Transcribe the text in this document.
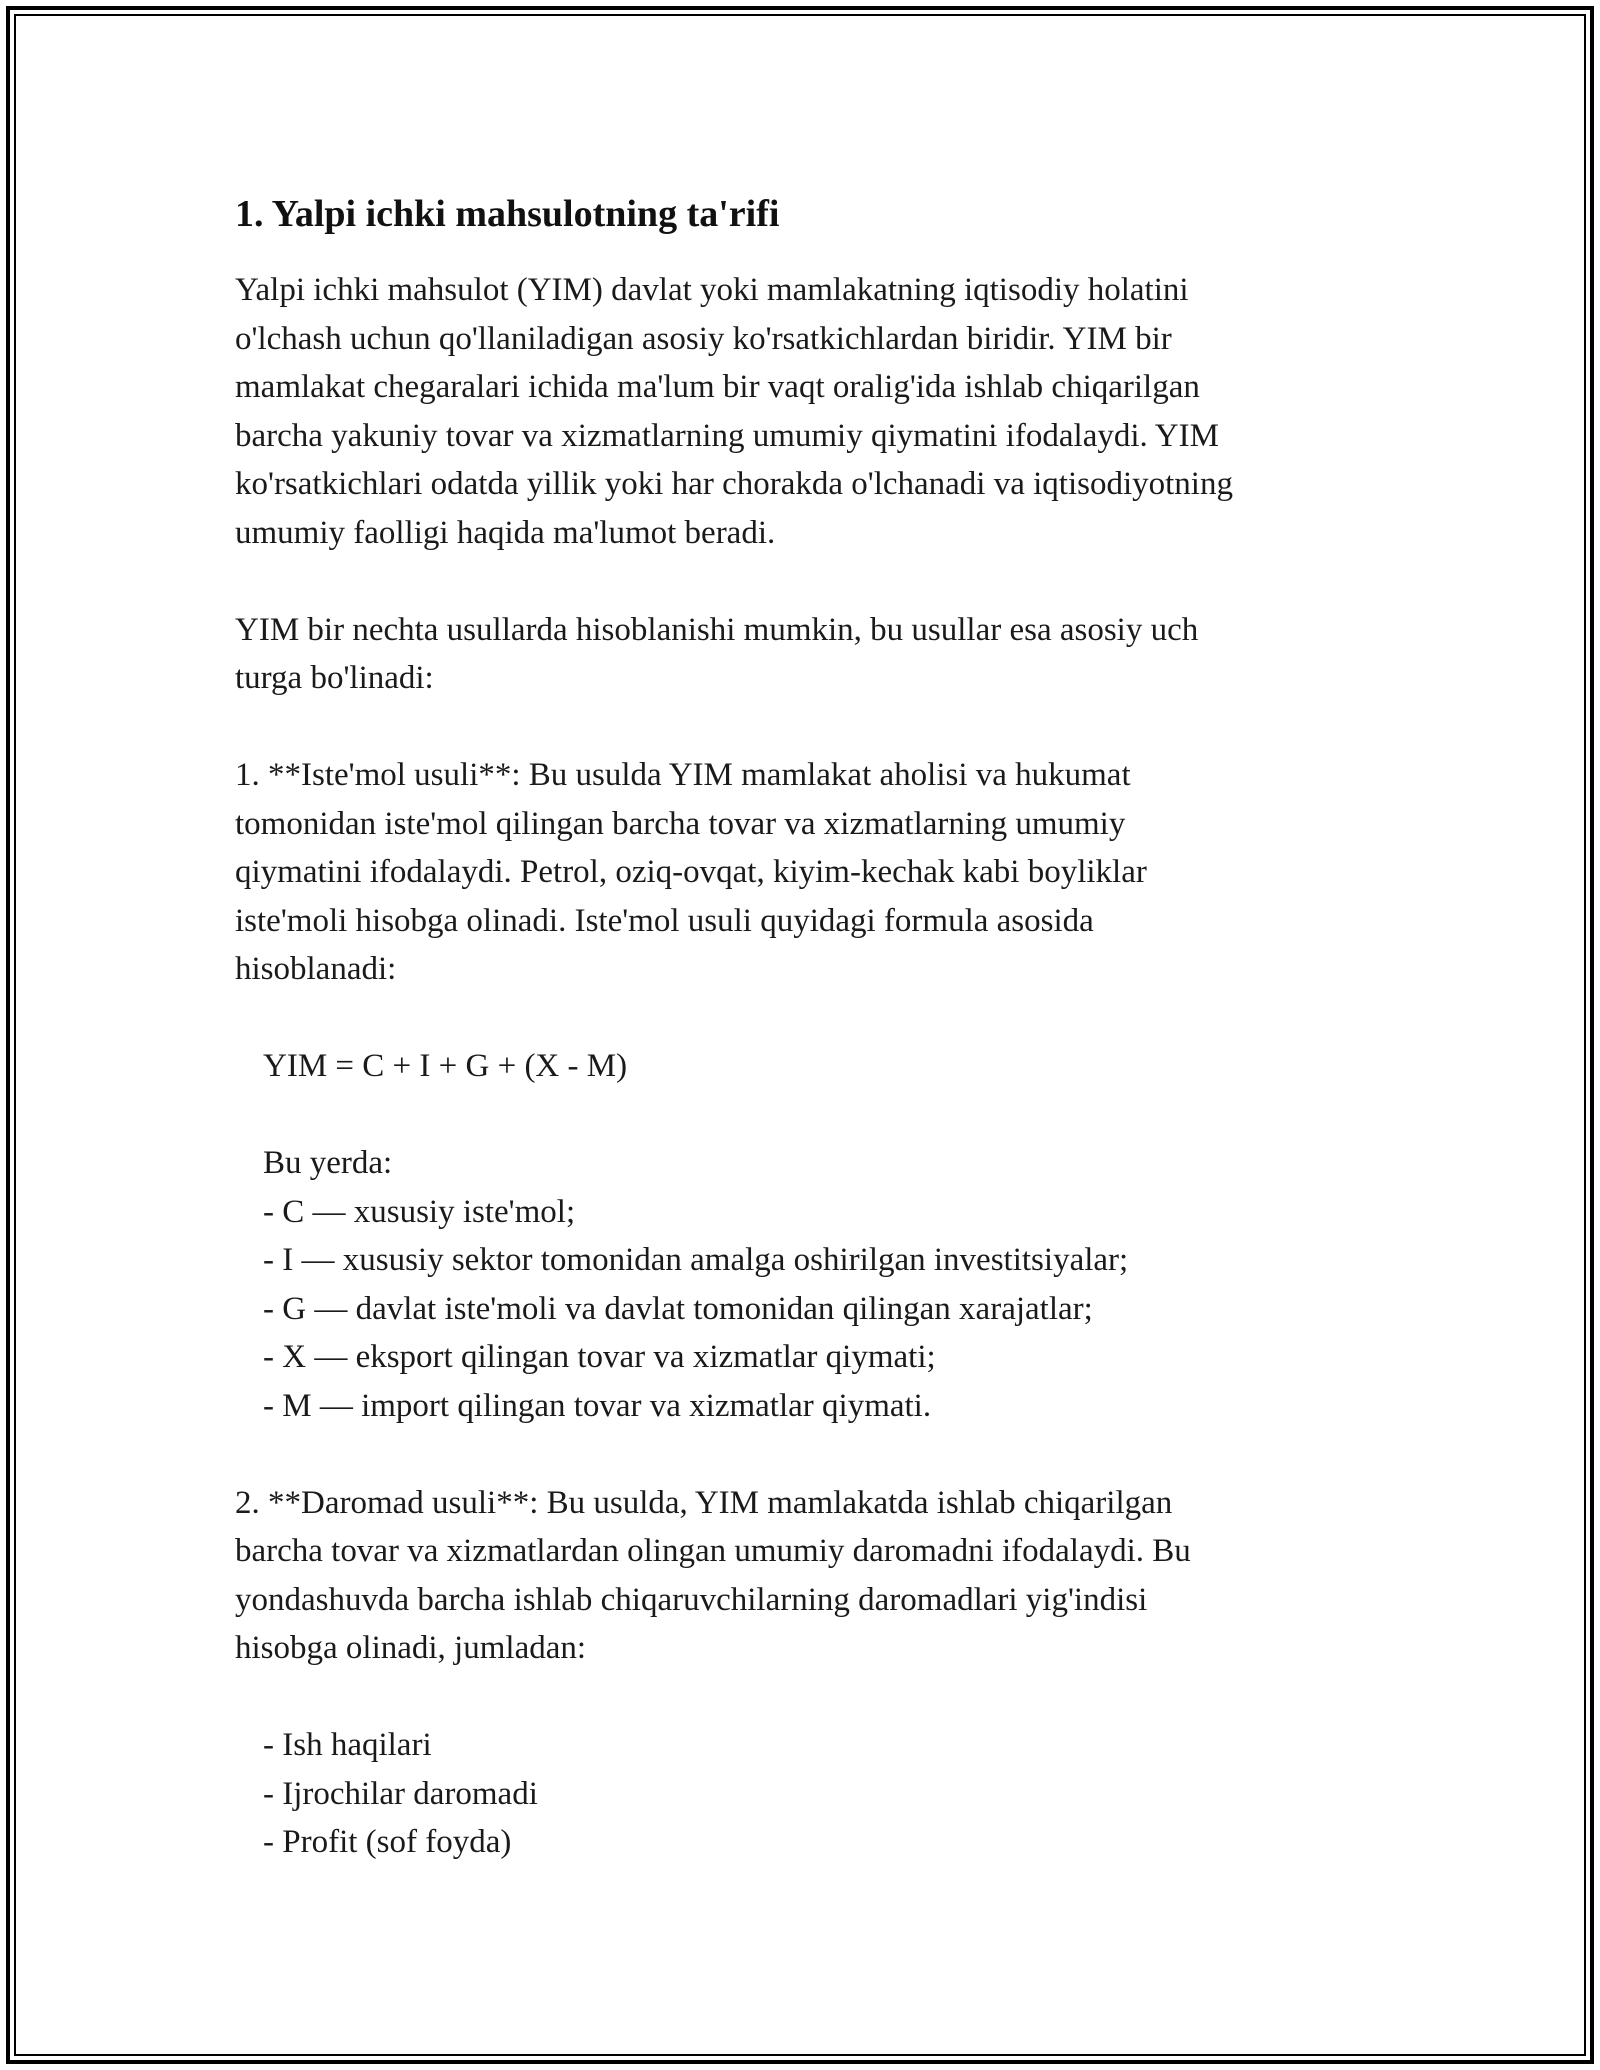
1. Yalpi ichki mahsulotning ta'rifi

Yalpi ichki mahsulot (YIM) davlat yoki mamlakatning iqtisodiy holatini

o'lchash uchun qo'llaniladigan asosiy ko'rsatkichlardan biridir. YIM bir

mamlakat chegaralari ichida ma'lum bir vaqt oralig'ida ishlab chiqarilgan

barcha yakuniy tovar va xizmatlarning umumiy qiymatini ifodalaydi. YIM

ko'rsatkichlari odatda yillik yoki har chorakda o'lchanadi va iqtisodiyotning

umumiy faolligi haqida ma'lumot beradi.

YIM bir nechta usullarda hisoblanishi mumkin, bu usullar esa asosiy uch

turga bo'linadi:

1. **Iste'mol usuli**: Bu usulda YIM mamlakat aholisi va hukumat

tomonidan iste'mol qilingan barcha tovar va xizmatlarning umumiy

qiymatini ifodalaydi. Petrol, oziq-ovqat, kiyim-kechak kabi boyliklar

iste'moli hisobga olinadi. Iste'mol usuli quyidagi formula asosida

hisoblanadi:

YIM = C + I + G + (X - M)

Bu yerda:

- C — xususiy iste'mol;

- I — xususiy sektor tomonidan amalga oshirilgan investitsiyalar;

- G — davlat iste'moli va davlat tomonidan qilingan xarajatlar;

- X — eksport qilingan tovar va xizmatlar qiymati;

- M — import qilingan tovar va xizmatlar qiymati.

2. **Daromad usuli**: Bu usulda, YIM mamlakatda ishlab chiqarilgan

barcha tovar va xizmatlardan olingan umumiy daromadni ifodalaydi. Bu

yondashuvda barcha ishlab chiqaruvchilarning daromadlari yig'indisi

hisobga olinadi, jumladan:

- Ish haqilari

- Ijrochilar daromadi

- Profit (sof foyda)
